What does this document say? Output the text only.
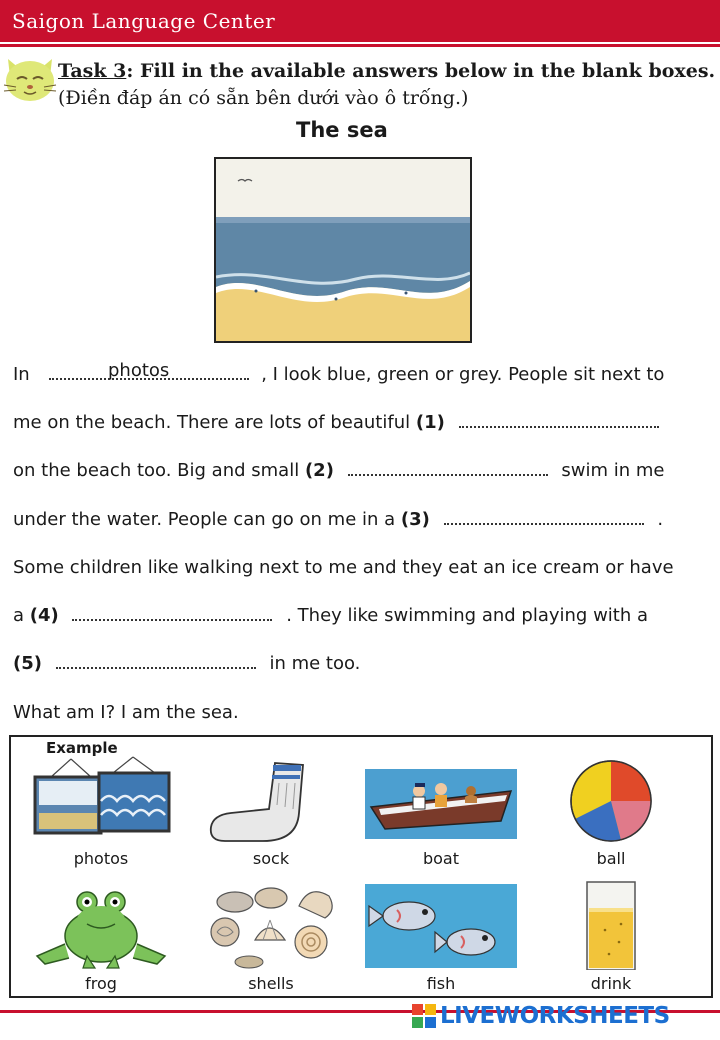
Saigon Language Center
Task 3: Fill in the available answers below in the blank boxes. (Điền đáp án có sẵn bên dưới vào ô trống.)
The sea
photos
In	, I look blue, green or grey. People sit next to
me on the beach. There are lots of beautiful (1)
on the beach too. Big and small (2)	swim in me
under the water. People can go on me in a (3)	.
Some children like walking next to me and they eat an ice cream or have
a (4)	. They like swimming and playing with a
(5)	in me too.
What am I? I am the sea.
Example
photos	sock	boat	ball
frog	shells	fish	drink
LIVEWORKSHEETS
